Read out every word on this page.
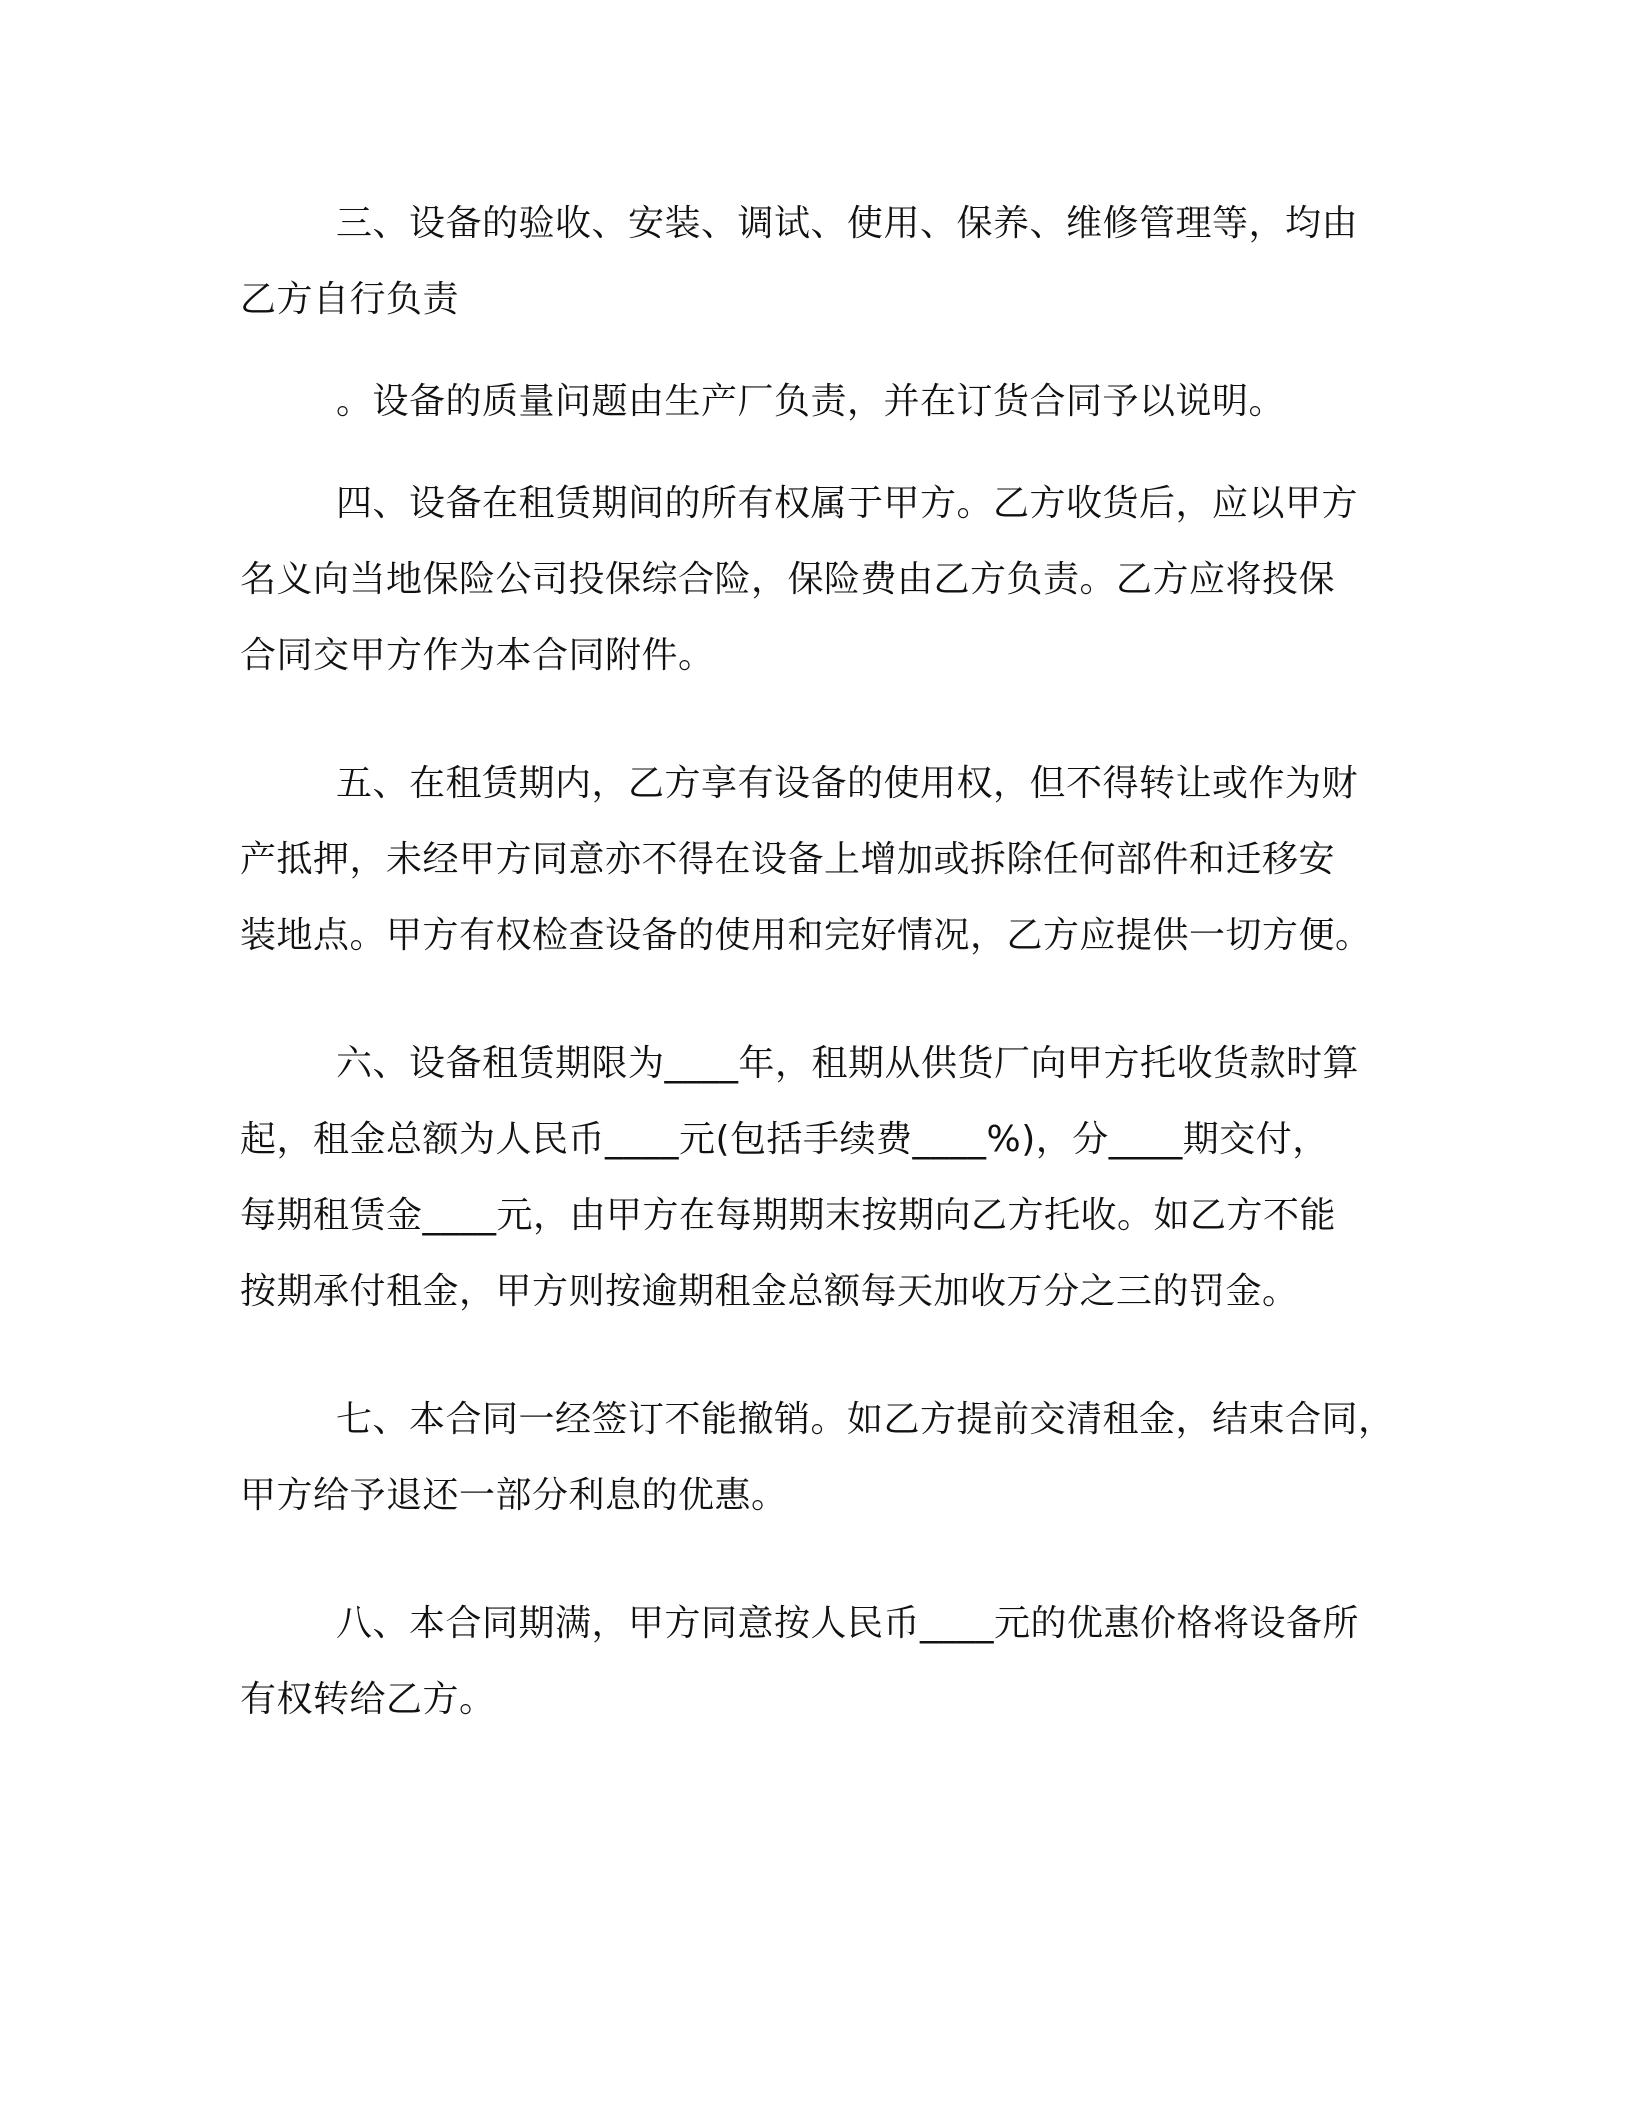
三、设备的验收、安装、调试、使用、保养、维修管理等，均由
乙方自行负责

。设备的质量问题由生产厂负责，并在订货合同予以说明。

四、设备在租赁期间的所有权属于甲方。乙方收货后，应以甲方
名义向当地保险公司投保综合险，保险费由乙方负责。乙方应将投保
合同交甲方作为本合同附件。

五、在租赁期内，乙方享有设备的使用权，但不得转让或作为财
产抵押，未经甲方同意亦不得在设备上增加或拆除任何部件和迁移安
装地点。甲方有权检查设备的使用和完好情况，乙方应提供一切方便。

六、设备租赁期限为____年，租期从供货厂向甲方托收货款时算
起，租金总额为人民币____元(包括手续费____%)，分____期交付，
每期租赁金____元，由甲方在每期期末按期向乙方托收。如乙方不能
按期承付租金，甲方则按逾期租金总额每天加收万分之三的罚金。

七、本合同一经签订不能撤销。如乙方提前交清租金，结束合同，
甲方给予退还一部分利息的优惠。

八、本合同期满，甲方同意按人民币____元的优惠价格将设备所
有权转给乙方。
